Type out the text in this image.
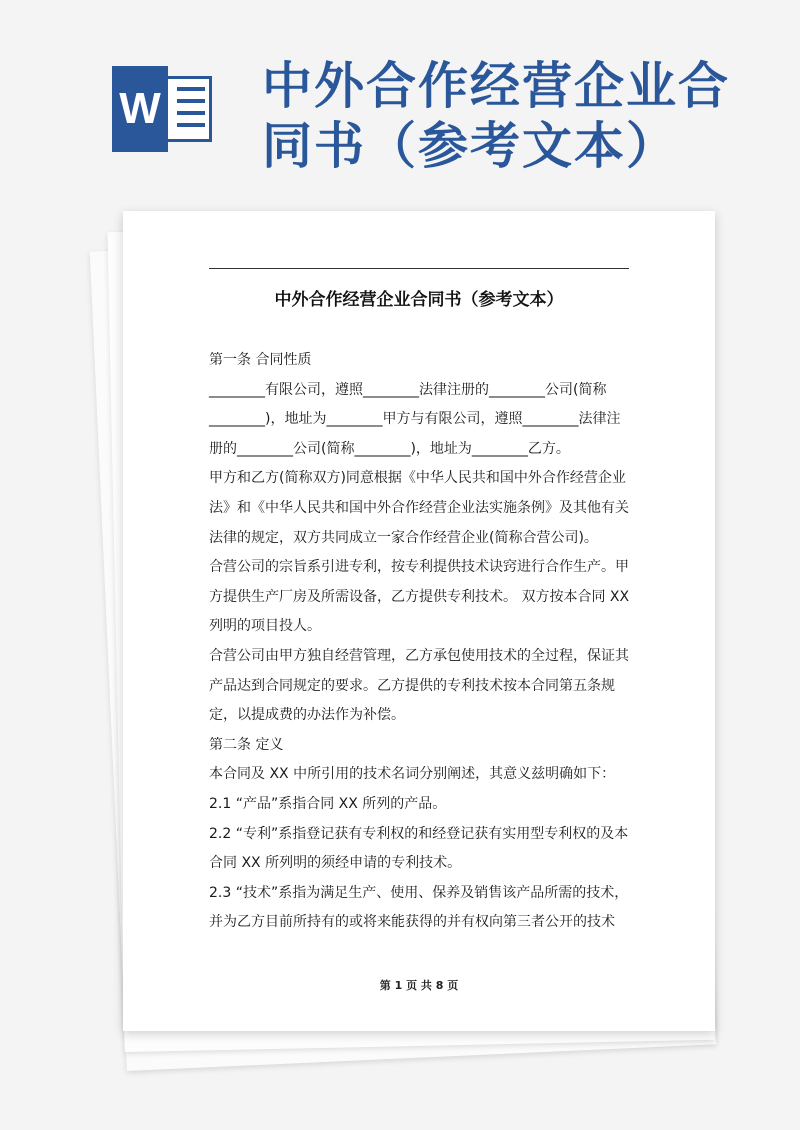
W 中外合作经营企业合同书（参考文本）
中外合作经营企业合同书（参考文本）

第一条 合同性质

________有限公司，遵照________法律注册的________公司(简称________)，地址为________甲方与有限公司，遵照________法律注册的________公司(简称________)，地址为________乙方。

甲方和乙方(简称双方)同意根据《中华人民共和国中外合作经营企业法》和《中华人民共和国中外合作经营企业法实施条例》及其他有关法律的规定，双方共同成立一家合作经营企业(简称合营公司)。

合营公司的宗旨系引进专利，按专利提供技术诀窍进行合作生产。甲方提供生产厂房及所需设备，乙方提供专利技术。 双方按本合同 XX 列明的项目投人。

合营公司由甲方独自经营管理，乙方承包使用技术的全过程，保证其产品达到合同规定的要求。乙方提供的专利技术按本合同第五条规定，以提成费的办法作为补偿。

第二条 定义

本合同及 XX 中所引用的技术名词分别阐述，其意义兹明确如下：

2.1 “产品”系指合同 XX 所列的产品。

2.2 “专利”系指登记获有专利权的和经登记获有实用型专利权的及本合同 XX 所列明的须经申请的专利技术。

2.3 “技术”系指为满足生产、使用、保养及销售该产品所需的技术，并为乙方目前所持有的或将来能获得的并有权向第三者公开的技术

第 1 页 共 8 页
